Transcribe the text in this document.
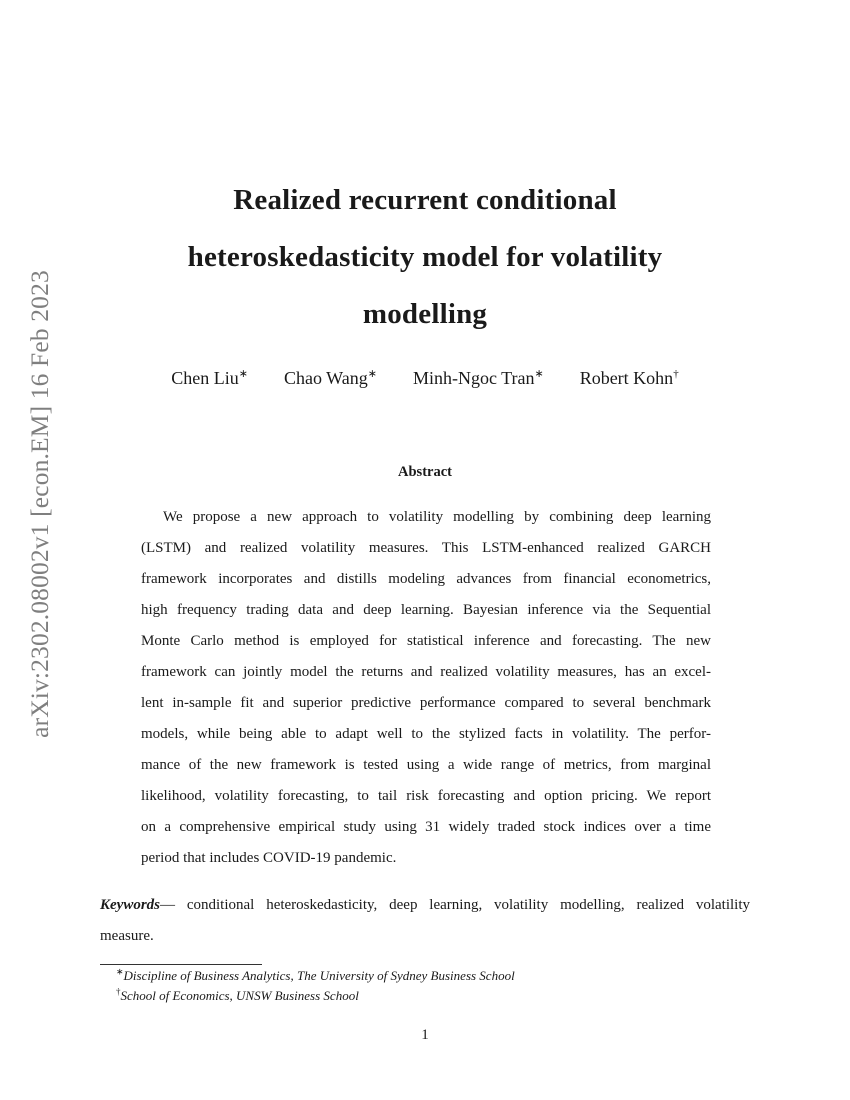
arXiv:2302.08002v1 [econ.EM] 16 Feb 2023
Realized recurrent conditional
heteroskedasticity model for volatility
modelling
Chen Liu∗ Chao Wang∗ Minh-Ngoc Tran∗ Robert Kohn†
Abstract
We propose a new approach to volatility modelling by combining deep learning
(LSTM) and realized volatility measures. This LSTM-enhanced realized GARCH
framework incorporates and distills modeling advances from financial econometrics,
high frequency trading data and deep learning. Bayesian inference via the Sequential
Monte Carlo method is employed for statistical inference and forecasting. The new
framework can jointly model the returns and realized volatility measures, has an excel-
lent in-sample fit and superior predictive performance compared to several benchmark
models, while being able to adapt well to the stylized facts in volatility. The perfor-
mance of the new framework is tested using a wide range of metrics, from marginal
likelihood, volatility forecasting, to tail risk forecasting and option pricing. We report
on a comprehensive empirical study using 31 widely traded stock indices over a time
period that includes COVID-19 pandemic.
Keywords— conditional heteroskedasticity, deep learning, volatility modelling, realized volatility
measure.
∗Discipline of Business Analytics, The University of Sydney Business School
†School of Economics, UNSW Business School
1
